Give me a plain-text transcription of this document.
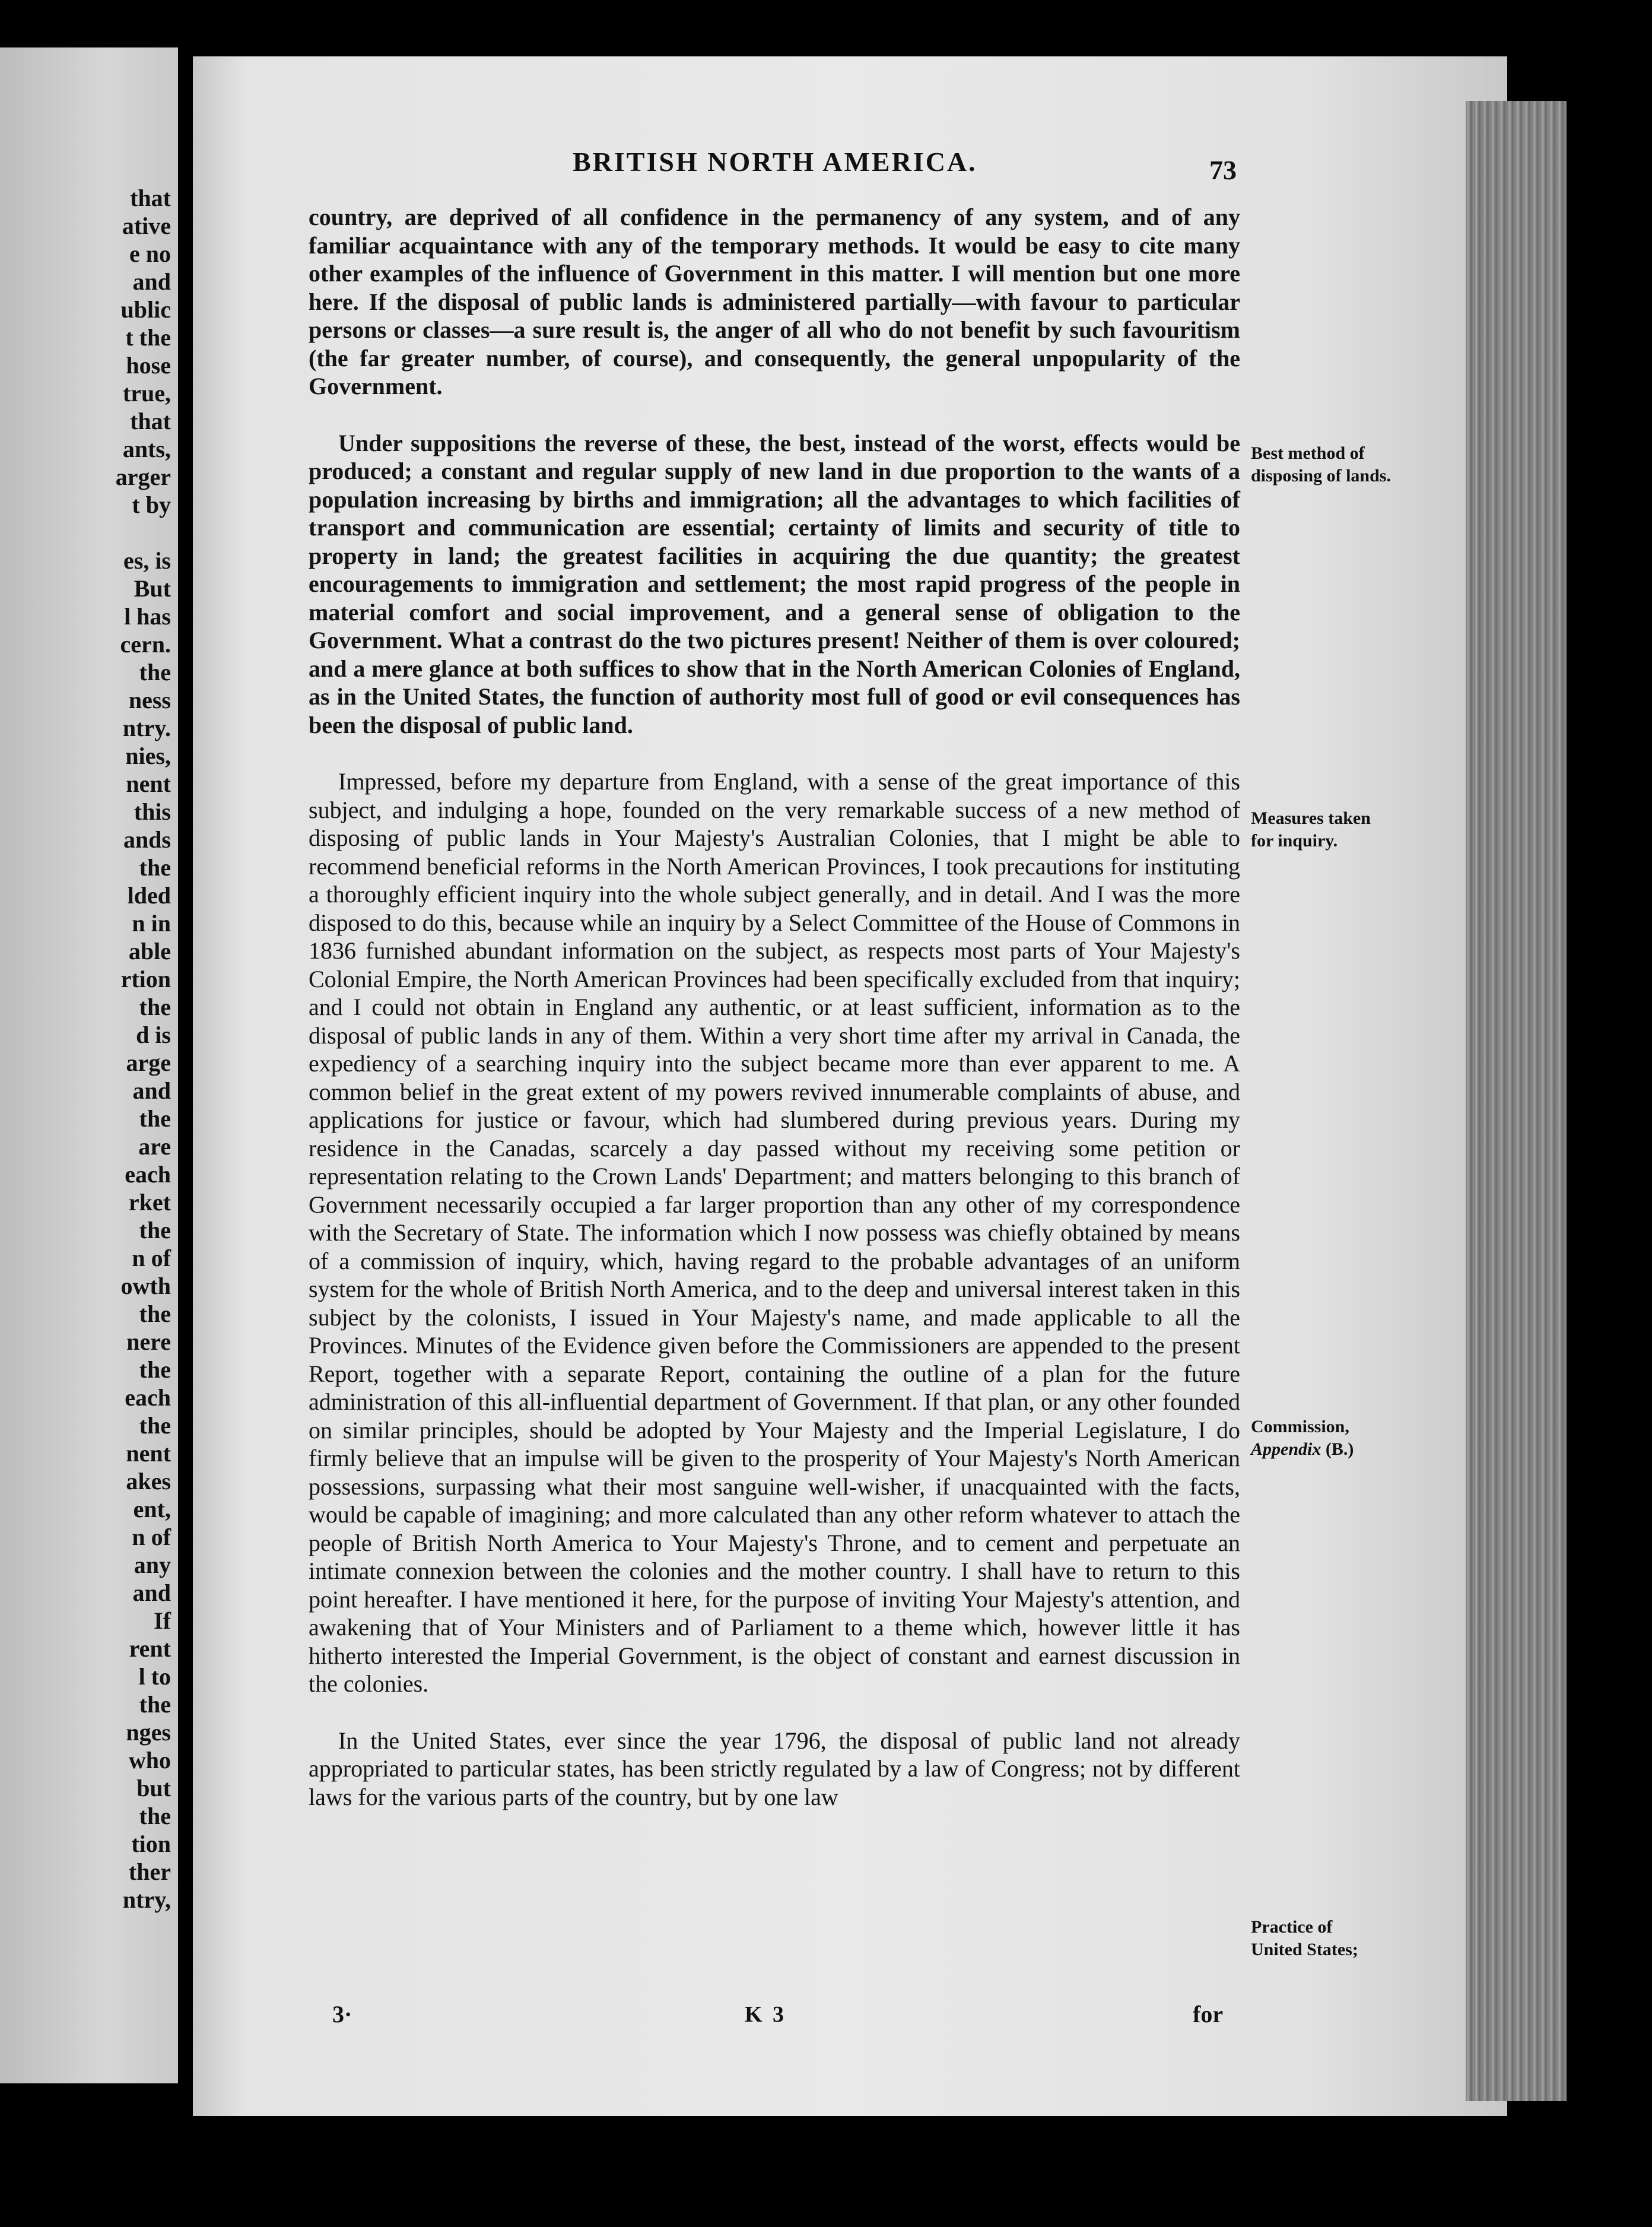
that
ative
e no
and
ublic
t the
hose
true,
that
ants,
arger
t by
es, is
But
l has
cern.
the
ness
ntry.
nies,
nent
this
ands
the
lded
n in
able
rtion
the
d is
arge
and
the
are
each
rket
the
n of
owth
the
nere
the
each
the
nent
akes
ent,
n of
any
and
If
rent
l to
the
nges
who
but
the
tion
ther
ntry,
BRITISH NORTH AMERICA.	73

country, are deprived of all confidence in the permanency of any system, and of any familiar acquaintance with any of the temporary methods. It would be easy to cite many other examples of the influence of Government in this matter. I will mention but one more here. If the disposal of public lands is administered partially—with favour to particular persons or classes—a sure result is, the anger of all who do not benefit by such favouritism (the far greater number, of course), and consequently, the general unpopularity of the Government.

Under suppositions the reverse of these, the best, instead of the worst, effects would be produced; a constant and regular supply of new land in due proportion to the wants of a population increasing by births and immigration; all the advantages to which facilities of transport and communication are essential; certainty of limits and security of title to property in land; the greatest facilities in acquiring the due quantity; the greatest encouragements to immigration and settlement; the most rapid progress of the people in material comfort and social improvement, and a general sense of obligation to the Government. What a contrast do the two pictures present! Neither of them is over coloured; and a mere glance at both suffices to show that in the North American Colonies of England, as in the United States, the function of authority most full of good or evil consequences has been the disposal of public land.

Impressed, before my departure from England, with a sense of the great importance of this subject, and indulging a hope, founded on the very remarkable success of a new method of disposing of public lands in Your Majesty's Australian Colonies, that I might be able to recommend beneficial reforms in the North American Provinces, I took precautions for instituting a thoroughly efficient inquiry into the whole subject generally, and in detail. And I was the more disposed to do this, because while an inquiry by a Select Committee of the House of Commons in 1836 furnished abundant information on the subject, as respects most parts of Your Majesty's Colonial Empire, the North American Provinces had been specifically excluded from that inquiry; and I could not obtain in England any authentic, or at least sufficient, information as to the disposal of public lands in any of them. Within a very short time after my arrival in Canada, the expediency of a searching inquiry into the subject became more than ever apparent to me. A common belief in the great extent of my powers revived innumerable complaints of abuse, and applications for justice or favour, which had slumbered during previous years. During my residence in the Canadas, scarcely a day passed without my receiving some petition or representation relating to the Crown Lands' Department; and matters belonging to this branch of Government necessarily occupied a far larger proportion than any other of my correspondence with the Secretary of State. The information which I now possess was chiefly obtained by means of a commission of inquiry, which, having regard to the probable advantages of an uniform system for the whole of British North America, and to the deep and universal interest taken in this subject by the colonists, I issued in Your Majesty's name, and made applicable to all the Provinces. Minutes of the Evidence given before the Commissioners are appended to the present Report, together with a separate Report, containing the outline of a plan for the future administration of this all-influential department of Government. If that plan, or any other founded on similar principles, should be adopted by Your Majesty and the Imperial Legislature, I do firmly believe that an impulse will be given to the prosperity of Your Majesty's North American possessions, surpassing what their most sanguine well-wisher, if unacquainted with the facts, would be capable of imagining; and more calculated than any other reform whatever to attach the people of British North America to Your Majesty's Throne, and to cement and perpetuate an intimate connexion between the colonies and the mother country. I shall have to return to this point hereafter. I have mentioned it here, for the purpose of inviting Your Majesty's attention, and awakening that of Your Ministers and of Parliament to a theme which, however little it has hitherto interested the Imperial Government, is the object of constant and earnest discussion in the colonies.

In the United States, ever since the year 1796, the disposal of public land not already appropriated to particular states, has been strictly regulated by a law of Congress; not by different laws for the various parts of the country, but by one law

Best method of
disposing of lands.
Measures taken
for inquiry.
Commission,
Appendix (B.)
Practice of
United States;
3·	K 3	for
